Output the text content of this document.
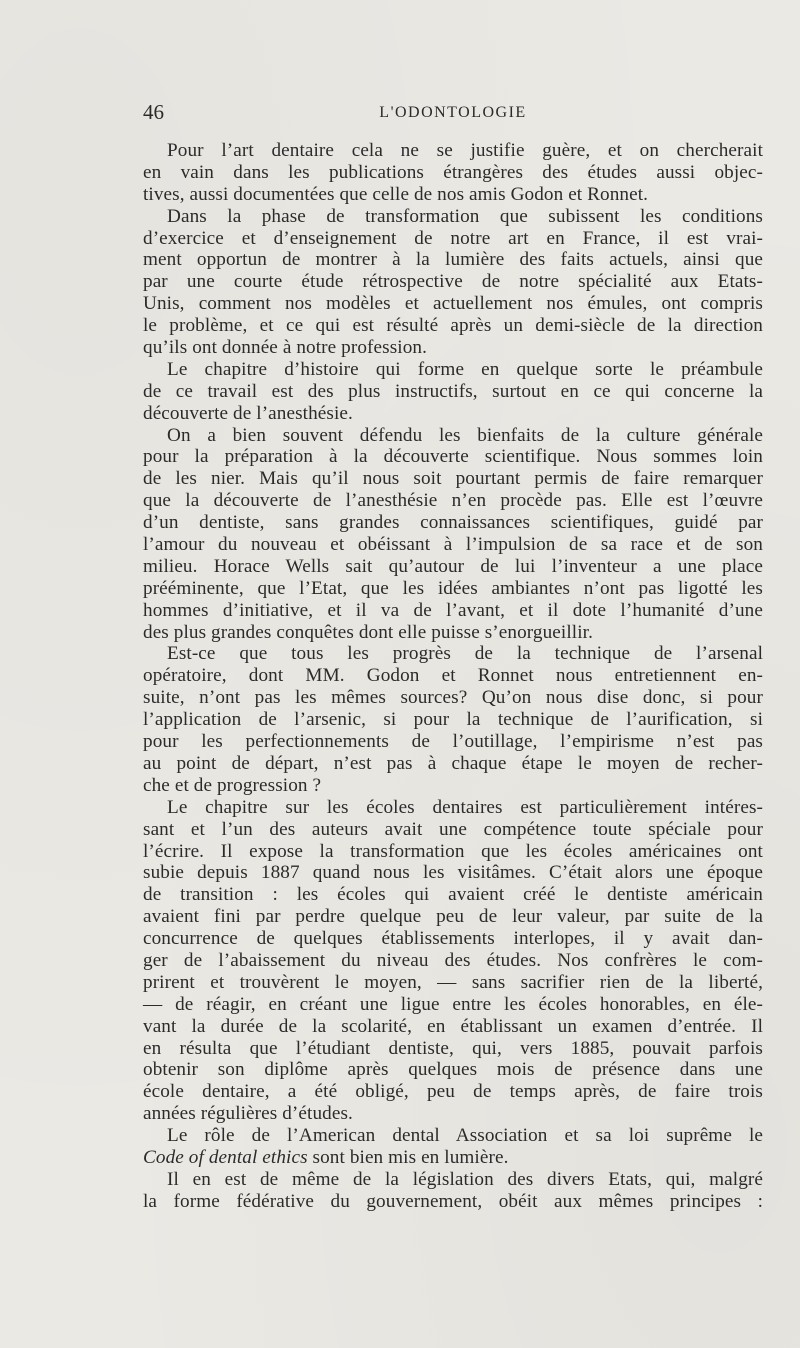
46	L'ODONTOLOGIE
Pour l’art dentaire cela ne se justifie guère, et on chercherait
en vain dans les publications étrangères des études aussi objec-
tives, aussi documentées que celle de nos amis Godon et Ronnet.
Dans la phase de transformation que subissent les conditions
d’exercice et d’enseignement de notre art en France, il est vrai-
ment opportun de montrer à la lumière des faits actuels, ainsi que
par une courte étude rétrospective de notre spécialité aux Etats-
Unis, comment nos modèles et actuellement nos émules, ont compris
le problème, et ce qui est résulté après un demi-siècle de la direction
qu’ils ont donnée à notre profession.
Le chapitre d’histoire qui forme en quelque sorte le préambule
de ce travail est des plus instructifs, surtout en ce qui concerne la
découverte de l’anesthésie.
On a bien souvent défendu les bienfaits de la culture générale
pour la préparation à la découverte scientifique. Nous sommes loin
de les nier. Mais qu’il nous soit pourtant permis de faire remarquer
que la découverte de l’anesthésie n’en procède pas. Elle est l’œuvre
d’un dentiste, sans grandes connaissances scientifiques, guidé par
l’amour du nouveau et obéissant à l’impulsion de sa race et de son
milieu. Horace Wells sait qu’autour de lui l’inventeur a une place
prééminente, que l’Etat, que les idées ambiantes n’ont pas ligotté les
hommes d’initiative, et il va de l’avant, et il dote l’humanité d’une
des plus grandes conquêtes dont elle puisse s’enorgueillir.
Est-ce que tous les progrès de la technique de l’arsenal
opératoire, dont MM. Godon et Ronnet nous entretiennent en-
suite, n’ont pas les mêmes sources? Qu’on nous dise donc, si pour
l’application de l’arsenic, si pour la technique de l’aurification, si
pour les perfectionnements de l’outillage, l’empirisme n’est pas
au point de départ, n’est pas à chaque étape le moyen de recher-
che et de progression ?
Le chapitre sur les écoles dentaires est particulièrement intéres-
sant et l’un des auteurs avait une compétence toute spéciale pour
l’écrire. Il expose la transformation que les écoles américaines ont
subie depuis 1887 quand nous les visitâmes. C’était alors une époque
de transition : les écoles qui avaient créé le dentiste américain
avaient fini par perdre quelque peu de leur valeur, par suite de la
concurrence de quelques établissements interlopes, il y avait dan-
ger de l’abaissement du niveau des études. Nos confrères le com-
prirent et trouvèrent le moyen, — sans sacrifier rien de la liberté,
— de réagir, en créant une ligue entre les écoles honorables, en éle-
vant la durée de la scolarité, en établissant un examen d’entrée. Il
en résulta que l’étudiant dentiste, qui, vers 1885, pouvait parfois
obtenir son diplôme après quelques mois de présence dans une
école dentaire, a été obligé, peu de temps après, de faire trois
années régulières d’études.
Le rôle de l’American dental Association et sa loi suprême le
Code of dental ethics sont bien mis en lumière.
Il en est de même de la législation des divers Etats, qui, malgré
la forme fédérative du gouvernement, obéit aux mêmes principes :
